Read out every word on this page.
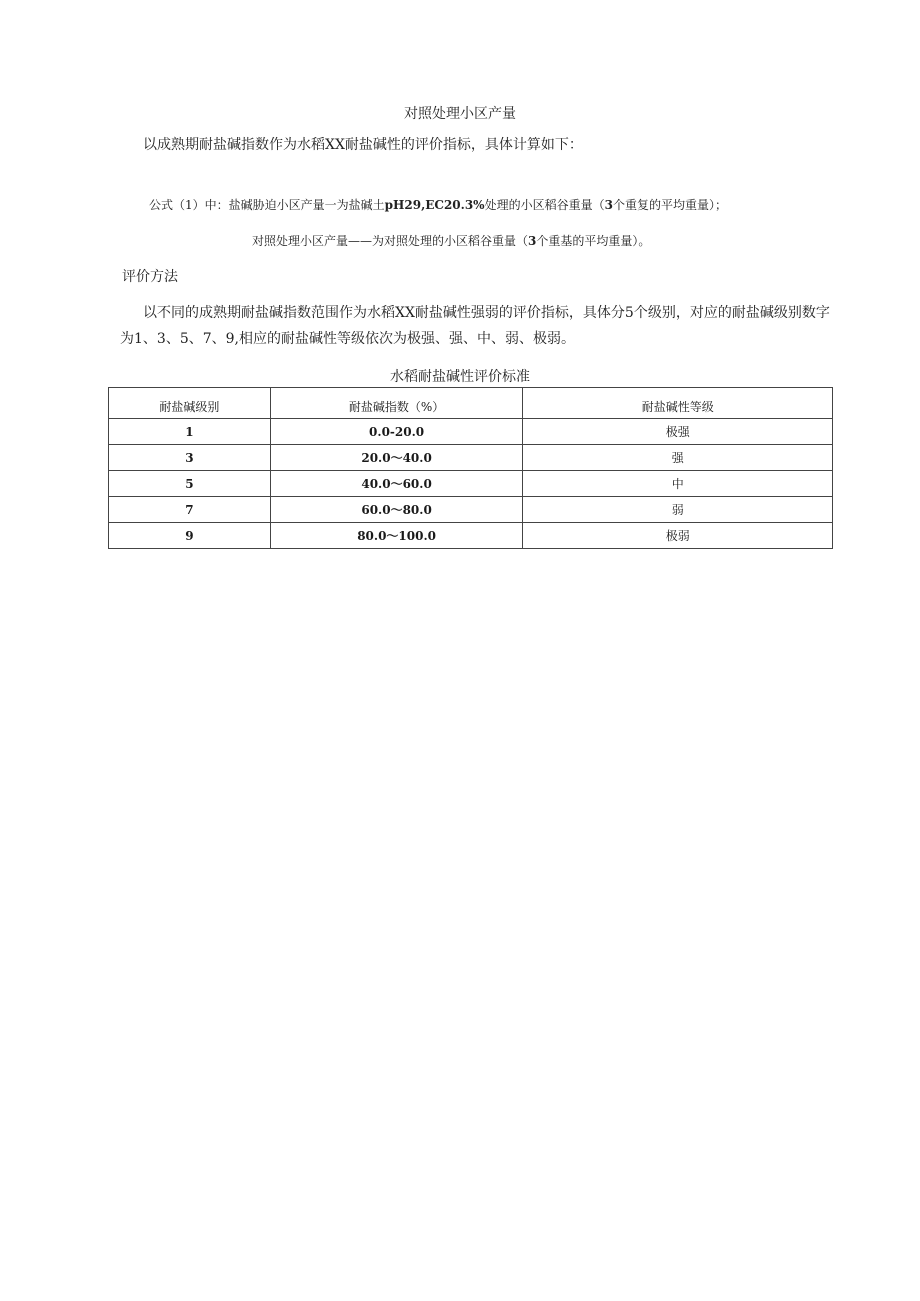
对照处理小区产量
以成熟期耐盐碱指数作为水稻XX耐盐碱性的评价指标，具体计算如下：
公式（1）中：盐碱胁迫小区产量一为盐碱土pH29,EC20.3%处理的小区稻谷重量（3个重复的平均重量）；
对照处理小区产量——为对照处理的小区稻谷重量（3个重基的平均重量）。
评价方法
以不同的成熟期耐盐碱指数范围作为水稻XX耐盐碱性强弱的评价指标，具体分5个级别，对应的耐盐碱级别数字为1、3、5、7、9,相应的耐盐碱性等级依次为极强、强、中、弱、极弱。
水稻耐盐碱性评价标准
耐盐碱级别	耐盐碱指数（%）	耐盐碱性等级
1	0.0-20.0	极强
3	20.0～40.0	强
5	40.0～60.0	中
7	60.0～80.0	弱
9	80.0～100.0	极弱
